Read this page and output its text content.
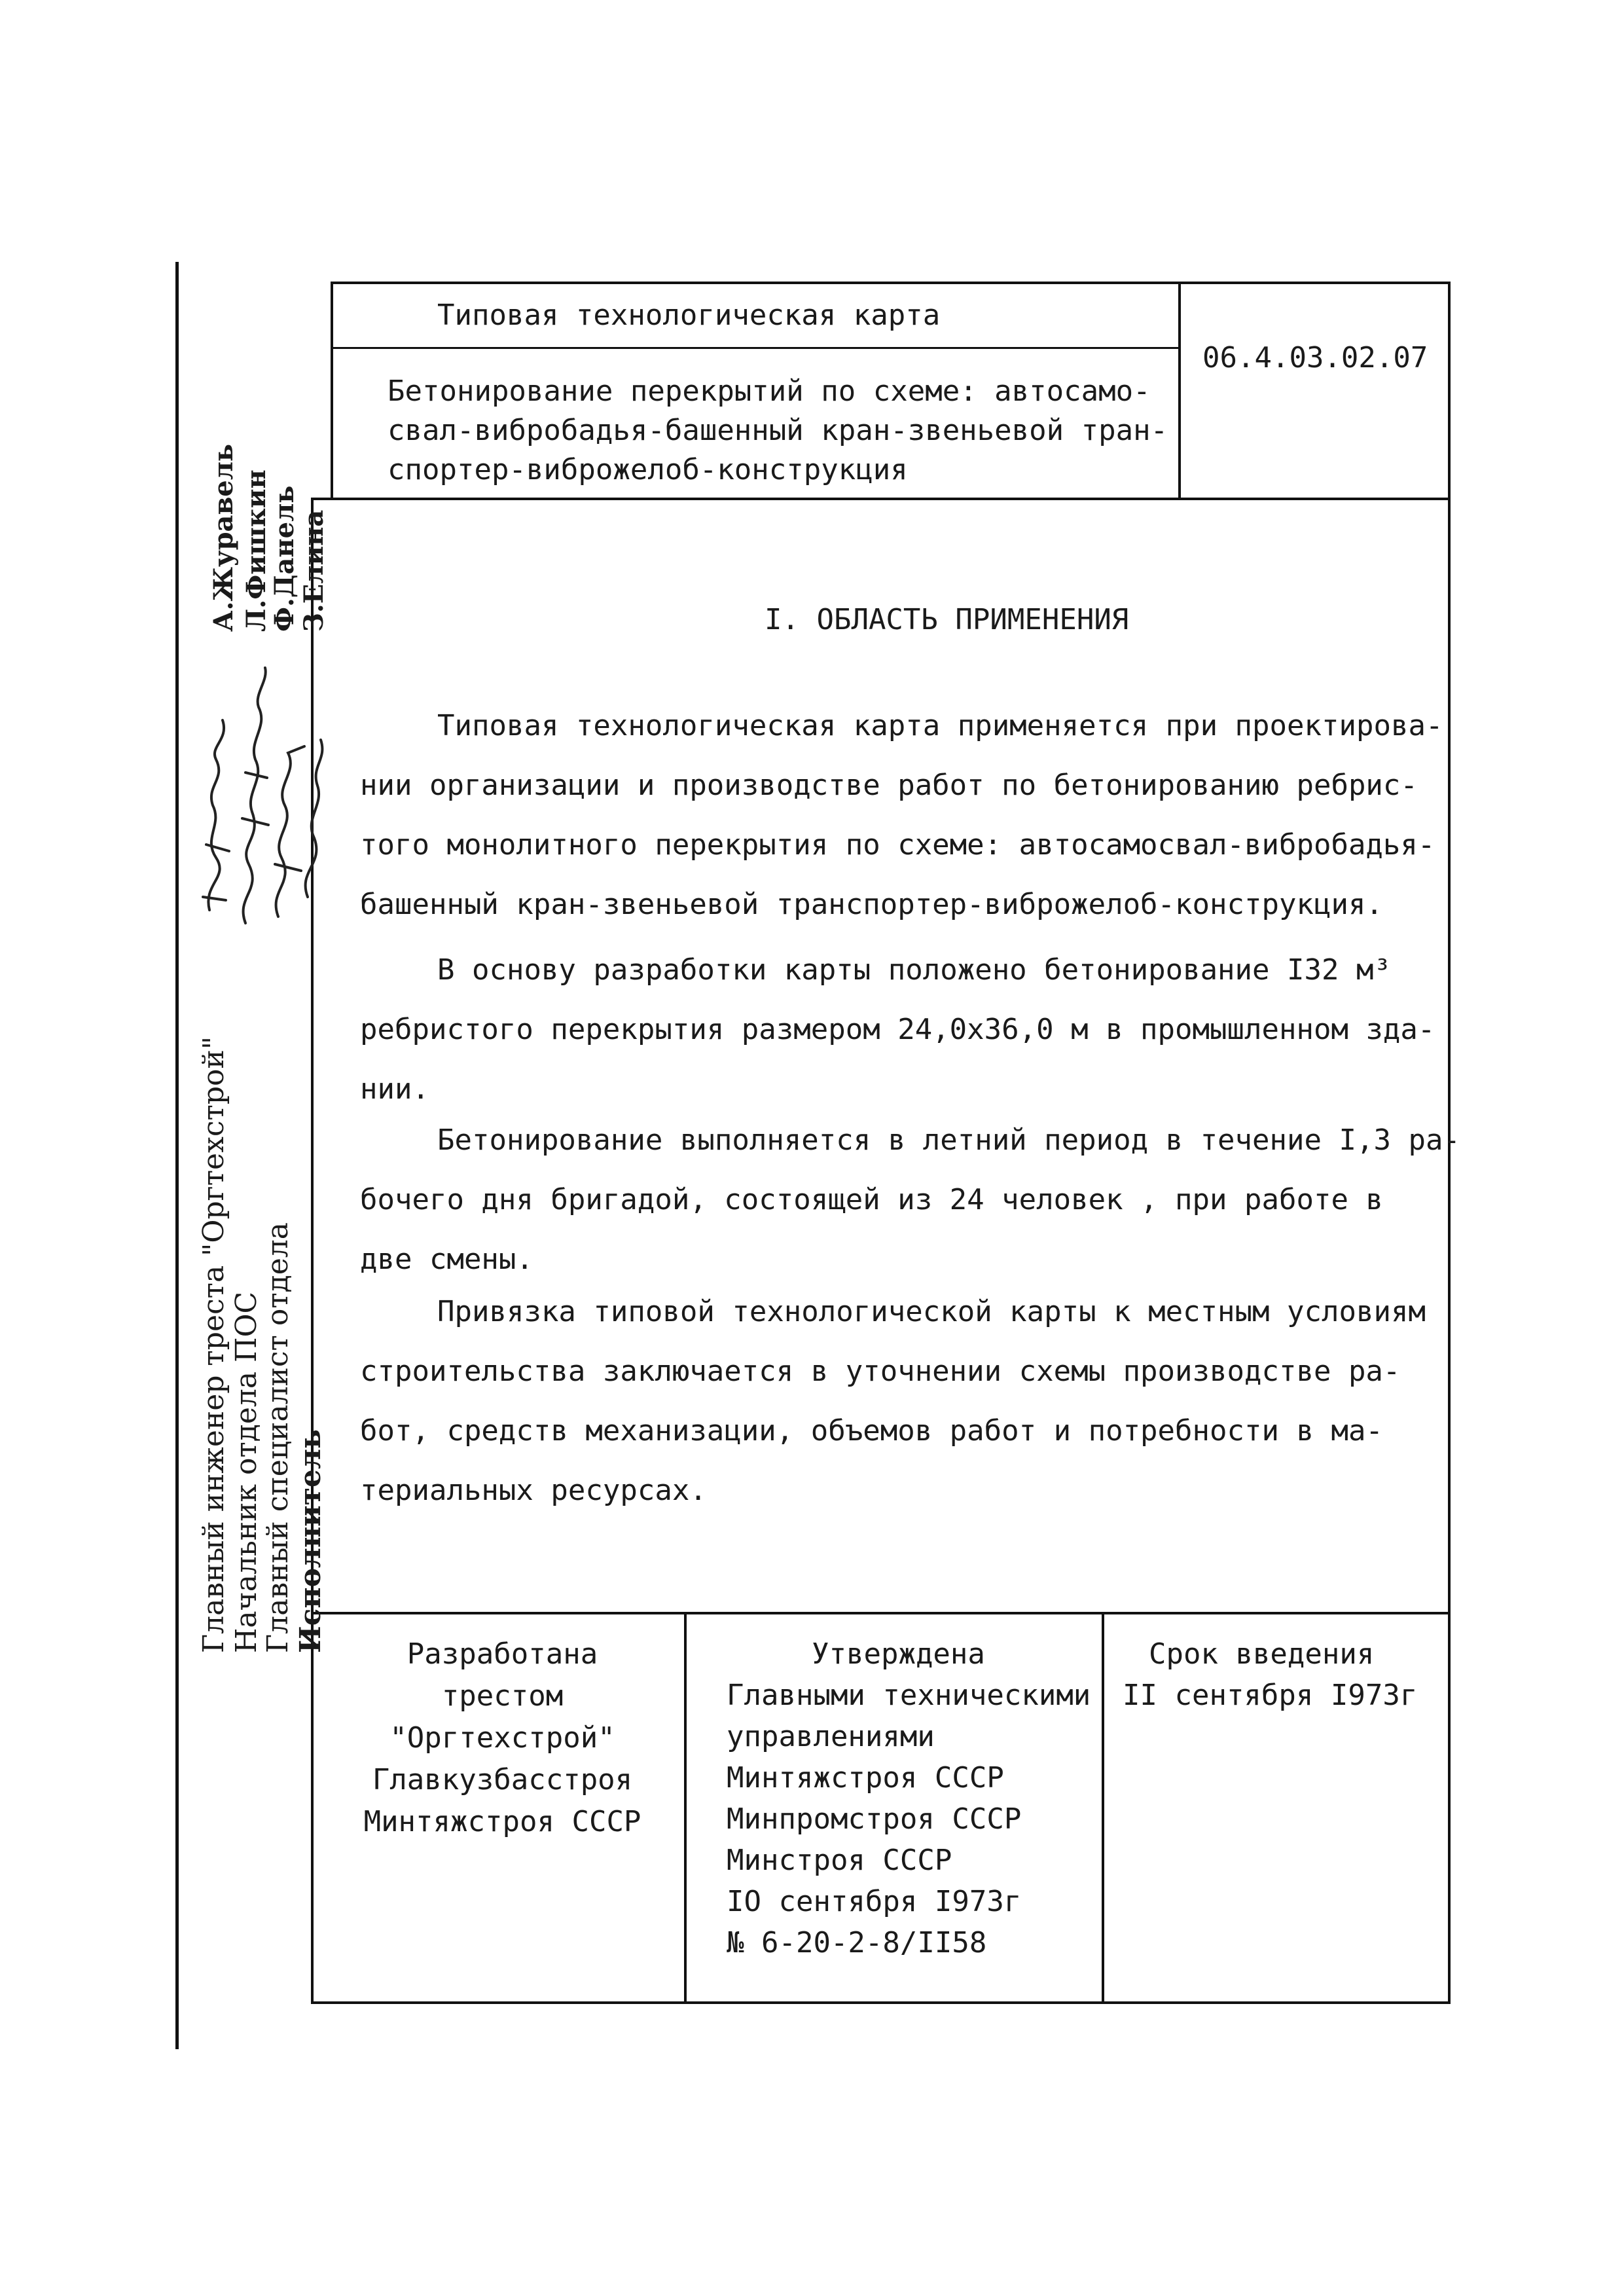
Типовая технологическая карта
06.4.03.02.07
Бетонирование перекрытий по схеме: автосамо-
свал-вибробадья-башенный кран-звеньевой тран-
спортер-виброжелоб-конструкция
Главный инженер треста "Оргтехстрой" Начальник отдела ПОС
Главный специалист отдела Исполнитель
А.Журавель Л.Фишкин
Ф.Данель
З.Елина	I. ОБЛАСТЬ ПРИМЕНЕНИЯ
Типовая технологическая карта применяется при проектирова-
нии организации и производстве работ по бетонированию ребрис-
того монолитного перекрытия по схеме: автосамосвал-вибробадья-
башенный кран-звеньевой транспортер-виброжелоб-конструкция.
В основу разработки карты положено бетонирование I32 м³
ребристого перекрытия размером 24,0х36,0 м в промышленном зда-
нии.
Бетонирование выполняется в летний период в течение I,3 ра-
бочего дня бригадой, состоящей из 24 человек , при работе в
две смены.
Привязка типовой технологической карты к местным условиям
строительства заключается в уточнении схемы производстве ра-
бот, средств механизации, объемов работ и потребности в ма-
териальных ресурсах.
Разработана
трестом
"Оргтехстрой"
Главкузбасстроя
Минтяжстроя СССР
Утверждена
Главными техническими
управлениями
Минтяжстроя СССР
Минпромстроя СССР
Минстроя СССР
IO сентября I973г
№ 6-20-2-8/II58
Срок введения
II сентября I973г
